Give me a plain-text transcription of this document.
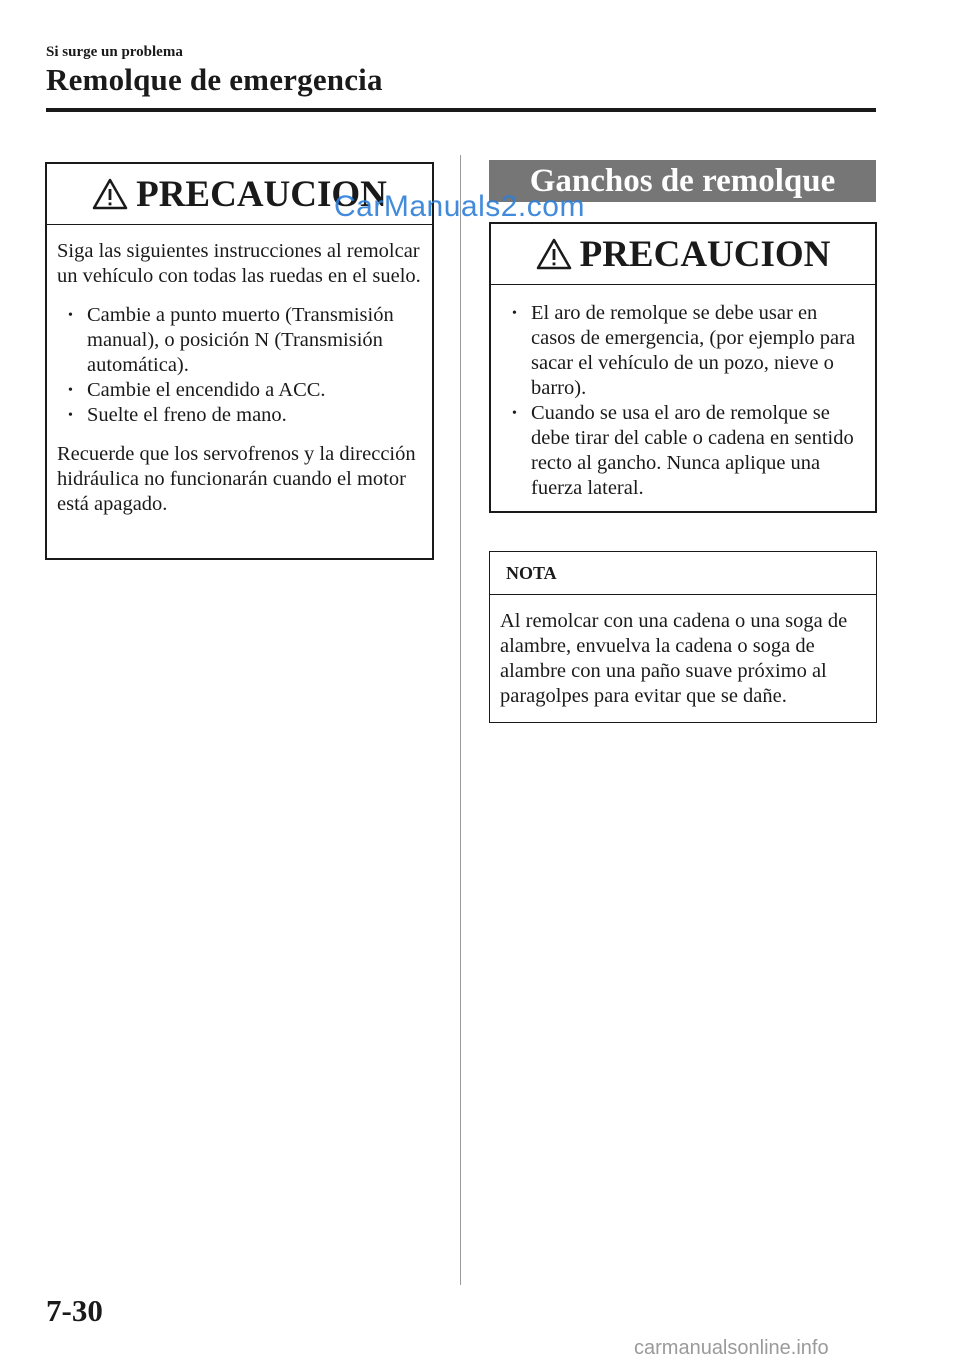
Si surge un problema
Remolque de emergencia
PRECAUCION

Siga las siguientes instrucciones al remolcar un vehículo con todas las ruedas en el suelo.

• Cambie a punto muerto (Transmisión manual), o posición N (Transmisión automática).
• Cambie el encendido a ACC.
• Suelte el freno de mano.

Recuerde que los servofrenos y la dirección hidráulica no funcionarán cuando el motor está apagado.

Ganchos de remolque
PRECAUCION
• El aro de remolque se debe usar en casos de emergencia, (por ejemplo para sacar el vehículo de un pozo, nieve o barro).
• Cuando se usa el aro de remolque se debe tirar del cable o cadena en sentido recto al gancho. Nunca aplique una fuerza lateral.
NOTA

Al remolcar con una cadena o una soga de alambre, envuelva la cadena o soga de alambre con una paño suave próximo al paragolpes para evitar que se dañe.

CarManuals2.com
7-30
carmanualsonline.info
